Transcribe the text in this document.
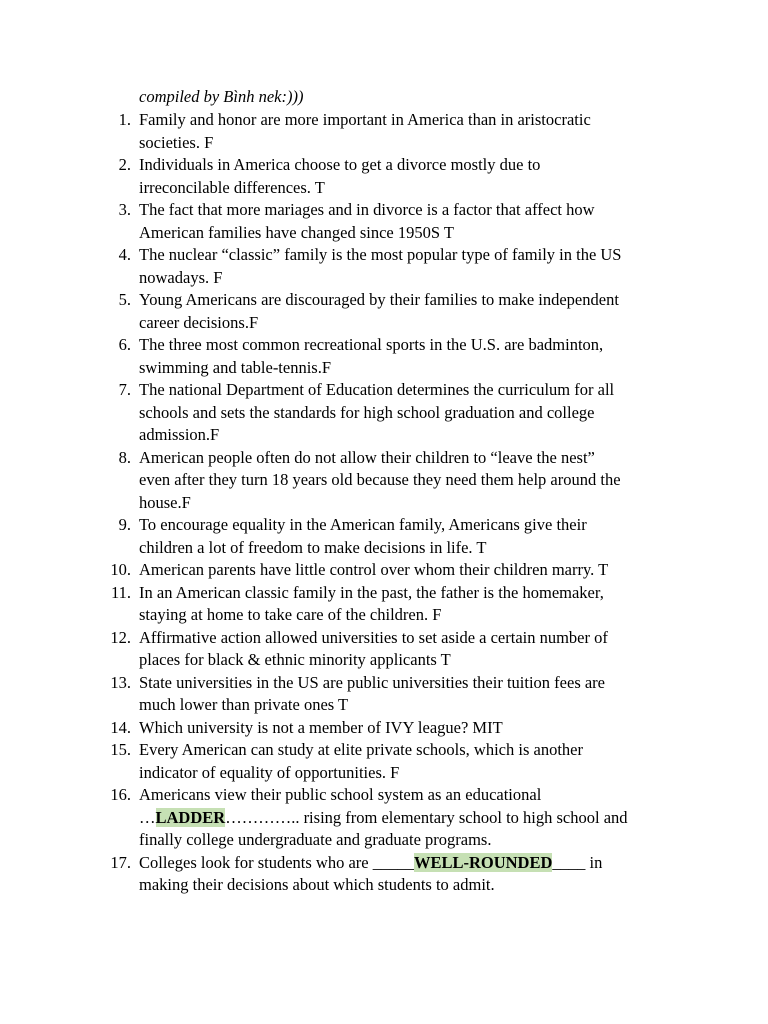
compiled by Bình nek:)))
1. Family and honor are more important in America than in aristocratic
societies. F
2. Individuals in America choose to get a divorce mostly due to
irreconcilable differences. T
3. The fact that more mariages and in divorce is a factor that affect how
American families have changed since 1950S T
4. The nuclear “classic” family is the most popular type of family in the US
nowadays. F
5. Young Americans are discouraged by their families to make independent
career decisions.F
6. The three most common recreational sports in the U.S. are badminton,
swimming and table-tennis.F
7. The national Department of Education determines the curriculum for all
schools and sets the standards for high school graduation and college
admission.F
8. American people often do not allow their children to “leave the nest”
even after they turn 18 years old because they need them help around the
house.F
9. To encourage equality in the American family, Americans give their
children a lot of freedom to make decisions in life. T
10. American parents have little control over whom their children marry. T
11. In an American classic family in the past, the father is the homemaker,
staying at home to take care of the children. F
12. Affirmative action allowed universities to set aside a certain number of
places for black & ethnic minority applicants T
13. State universities in the US are public universities their tuition fees are
much lower than private ones T
14. Which university is not a member of IVY league? MIT
15. Every American can study at elite private schools, which is another
indicator of equality of opportunities. F
16. Americans view their public school system as an educational
…LADDER………….. rising from elementary school to high school and
finally college undergraduate and graduate programs.
17. Colleges look for students who are _____WELL-ROUNDED____ in
making their decisions about which students to admit.
